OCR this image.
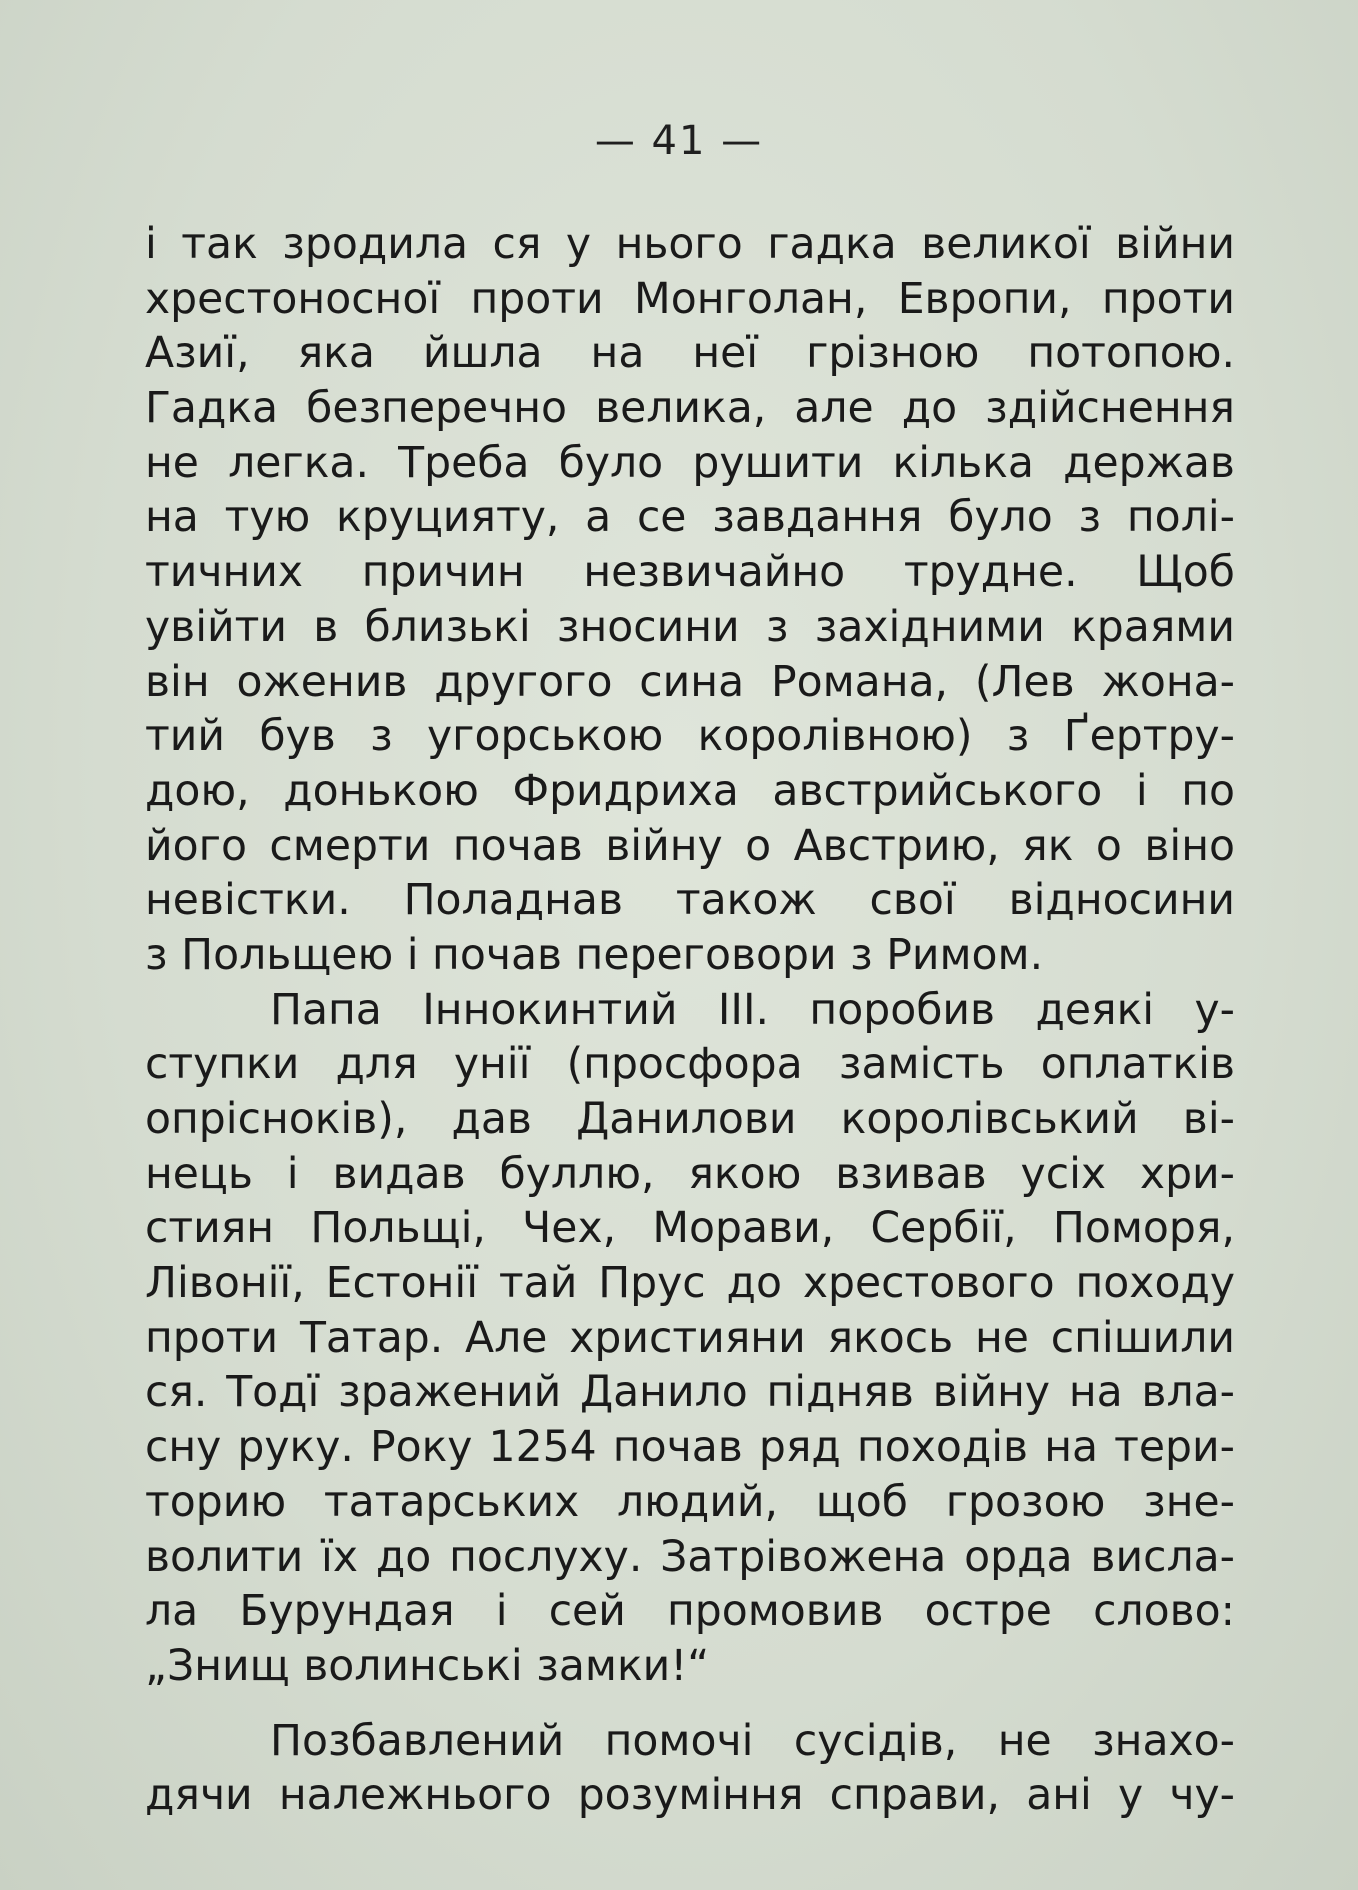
— 41 —
і так зродила ся у нього гадка великої війни
хрестоносної проти Монголан, Европи, проти
Азиї, яка йшла на неї грізною потопою.
Гадка безперечно велика, але до здійснення
не легка. Треба було рушити кілька держав
на тую круцияту, а се завдання було з полі-
тичних причин незвичайно трудне. Щоб
увійти в близькі зносини з західними краями
він оженив другого сина Романа, (Лев жона-
тий був з угорською королівною) з Ґертру-
дою, донькою Фридриха австрийського і по
його смерти почав війну о Австрию, як о віно
невістки. Поладнав також свої відносини
з Польщею і почав переговори з Римом.
Папа Іннокинтий III. поробив деякі у-
ступки для унії (просфора замість оплатків
опрісноків), дав Данилови королівський ві-
нець і видав буллю, якою взивав усіх хри-
стиян Польщі, Чех, Морави, Сербії, Поморя,
Лівонії, Естонії тай Прус до хрестового походу
проти Татар. Але християни якось не спішили
ся. Тодї зражений Данило підняв війну на вла-
сну руку. Року 1254 почав ряд походів на тери-
торию татарських людий, щоб грозою зне-
волити їх до послуху. Затрівожена орда висла-
ла Бурундая і сей промовив остре слово:
„Знищ волинські замки!“
Позбавлений помочі сусідів, не знахо-
дячи належнього розуміння справи, ані у чу-
